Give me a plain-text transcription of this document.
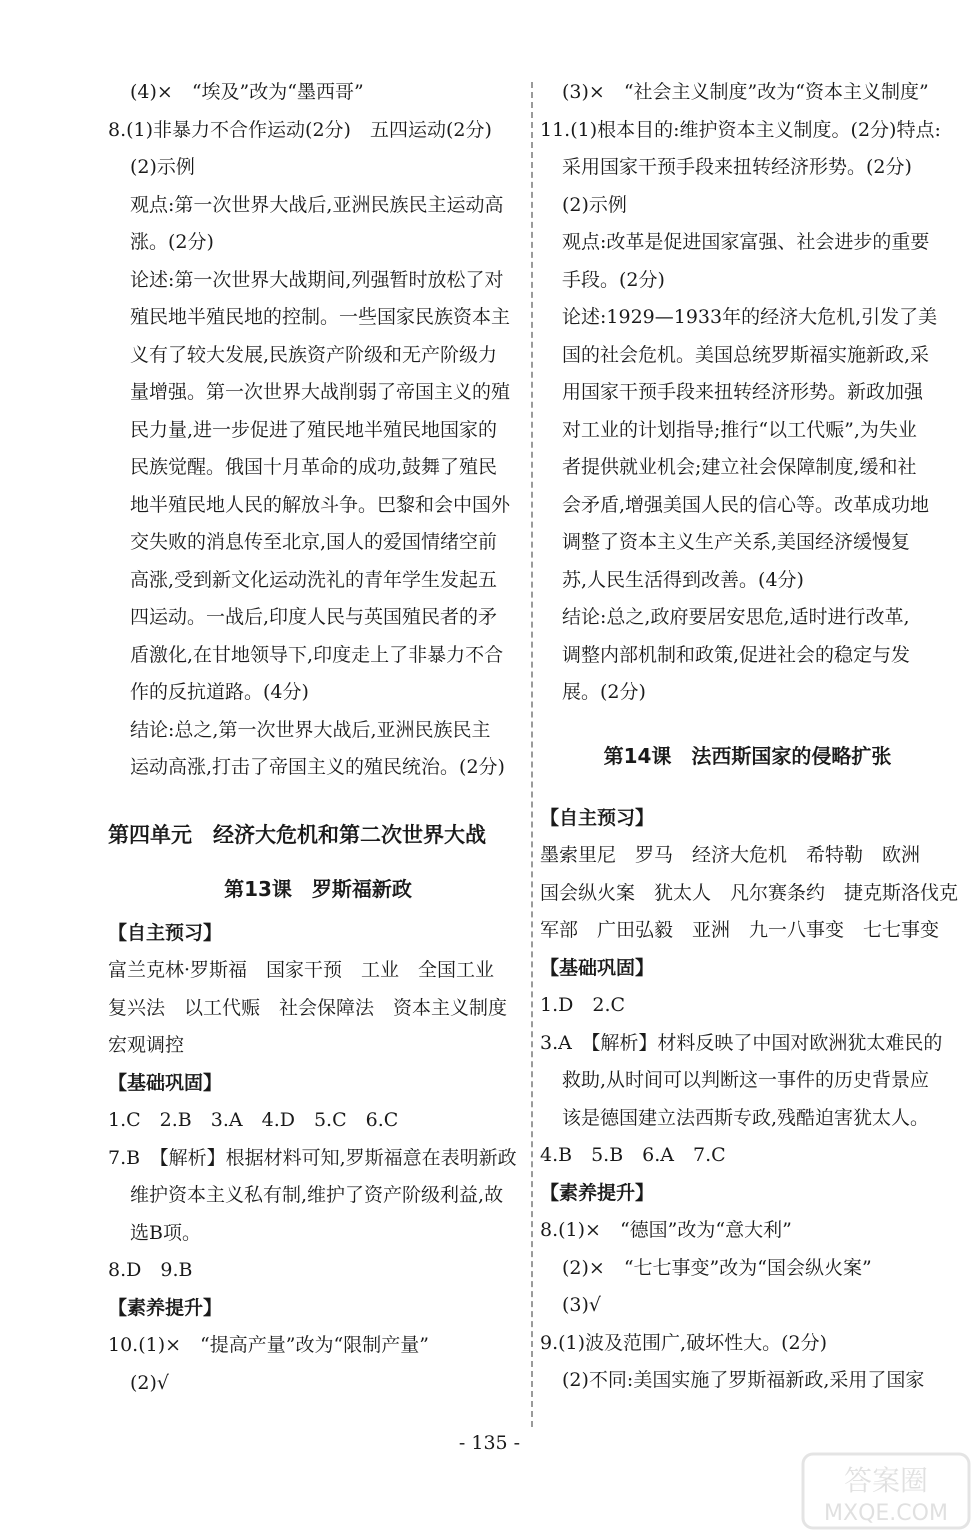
(4)×　“埃及”改为“墨西哥”
8.(1)非暴力不合作运动(2分)　五四运动(2分)
(2)示例
观点:第一次世界大战后,亚洲民族民主运动高
涨。(2分)
论述:第一次世界大战期间,列强暂时放松了对
殖民地半殖民地的控制。一些国家民族资本主
义有了较大发展,民族资产阶级和无产阶级力
量增强。第一次世界大战削弱了帝国主义的殖
民力量,进一步促进了殖民地半殖民地国家的
民族觉醒。俄国十月革命的成功,鼓舞了殖民
地半殖民地人民的解放斗争。巴黎和会中国外
交失败的消息传至北京,国人的爱国情绪空前
高涨,受到新文化运动洗礼的青年学生发起五
四运动。一战后,印度人民与英国殖民者的矛
盾激化,在甘地领导下,印度走上了非暴力不合
作的反抗道路。(4分)
结论:总之,第一次世界大战后,亚洲民族民主
运动高涨,打击了帝国主义的殖民统治。(2分)
第四单元　经济大危机和第二次世界大战
第13课　罗斯福新政
【自主预习】
富兰克林·罗斯福　国家干预　工业　全国工业
复兴法　以工代赈　社会保障法　资本主义制度
宏观调控
【基础巩固】
1.C　2.B　3.A　4.D　5.C　6.C
7.B　【解析】根据材料可知,罗斯福意在表明新政
维护资本主义私有制,维护了资产阶级利益,故
选B项。
8.D　9.B
【素养提升】
10.(1)×　“提高产量”改为“限制产量”
(2)√
(3)×　“社会主义制度”改为“资本主义制度”
11.(1)根本目的:维护资本主义制度。(2分)特点:
采用国家干预手段来扭转经济形势。(2分)
(2)示例
观点:改革是促进国家富强、社会进步的重要
手段。(2分)
论述:1929—1933年的经济大危机,引发了美
国的社会危机。美国总统罗斯福实施新政,采
用国家干预手段来扭转经济形势。新政加强
对工业的计划指导;推行“以工代赈”,为失业
者提供就业机会;建立社会保障制度,缓和社
会矛盾,增强美国人民的信心等。改革成功地
调整了资本主义生产关系,美国经济缓慢复
苏,人民生活得到改善。(4分)
结论:总之,政府要居安思危,适时进行改革,
调整内部机制和政策,促进社会的稳定与发
展。(2分)
第14课　法西斯国家的侵略扩张
【自主预习】
墨索里尼　罗马　经济大危机　希特勒　欧洲
国会纵火案　犹太人　凡尔赛条约　捷克斯洛伐克
军部　广田弘毅　亚洲　九一八事变　七七事变
【基础巩固】
1.D　2.C
3.A　【解析】材料反映了中国对欧洲犹太难民的
救助,从时间可以判断这一事件的历史背景应
该是德国建立法西斯专政,残酷迫害犹太人。
4.B　5.B　6.A　7.C
【素养提升】
8.(1)×　“德国”改为“意大利”
(2)×　“七七事变”改为“国会纵火案”
(3)√
9.(1)波及范围广,破坏性大。(2分)
(2)不同:美国实施了罗斯福新政,采用了国家
- 135 -
答案圈
MXQE.COM
